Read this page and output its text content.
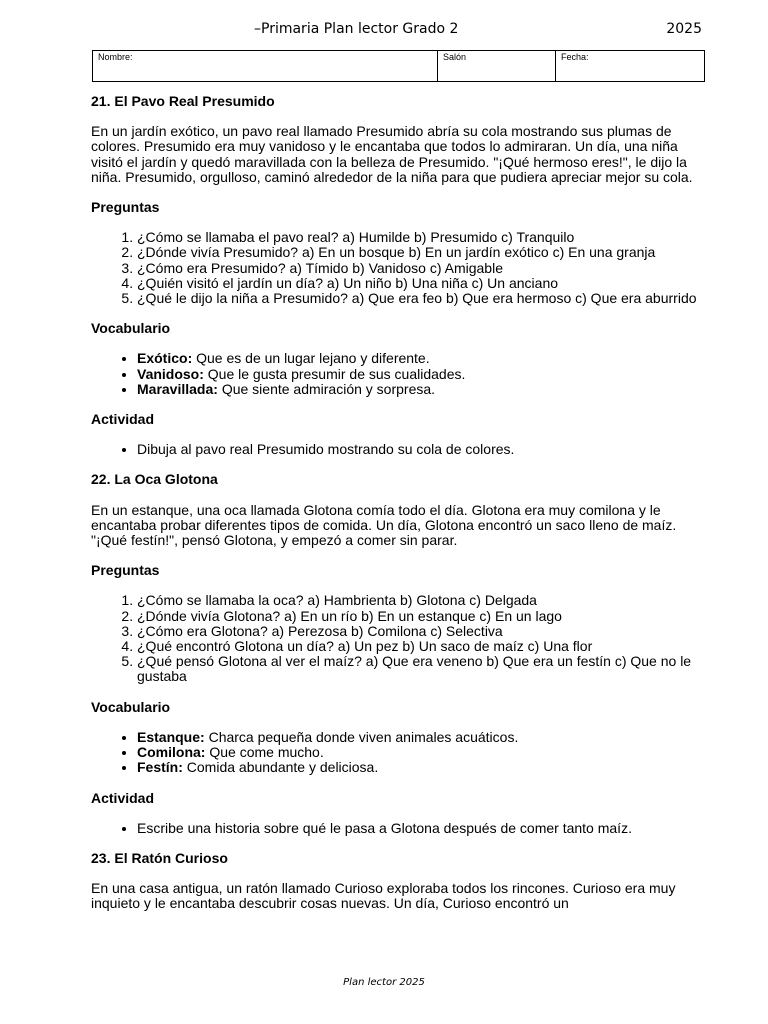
–Primaria Plan lector Grado 2	2025
Nombre:	Salón	Fecha:
21. El Pavo Real Presumido

En un jardín exótico, un pavo real llamado Presumido abría su cola mostrando sus plumas de colores. Presumido era muy vanidoso y le encantaba que todos lo admiraran. Un día, una niña visitó el jardín y quedó maravillada con la belleza de Presumido. "¡Qué hermoso eres!", le dijo la niña. Presumido, orgulloso, caminó alrededor de la niña para que pudiera apreciar mejor su cola.

Preguntas
1. ¿Cómo se llamaba el pavo real? a) Humilde b) Presumido c) Tranquilo
2. ¿Dónde vivía Presumido? a) En un bosque b) En un jardín exótico c) En una granja
3. ¿Cómo era Presumido? a) Tímido b) Vanidoso c) Amigable
4. ¿Quién visitó el jardín un día? a) Un niño b) Una niña c) Un anciano
5. ¿Qué le dijo la niña a Presumido? a) Que era feo b) Que era hermoso c) Que era aburrido
Vocabulario
• Exótico: Que es de un lugar lejano y diferente.
• Vanidoso: Que le gusta presumir de sus cualidades.
• Maravillada: Que siente admiración y sorpresa.
Actividad
• Dibuja al pavo real Presumido mostrando su cola de colores.
22. La Oca Glotona

En un estanque, una oca llamada Glotona comía todo el día. Glotona era muy comilona y le encantaba probar diferentes tipos de comida. Un día, Glotona encontró un saco lleno de maíz. "¡Qué festín!", pensó Glotona, y empezó a comer sin parar.

Preguntas
1. ¿Cómo se llamaba la oca? a) Hambrienta b) Glotona c) Delgada
2. ¿Dónde vivía Glotona? a) En un río b) En un estanque c) En un lago
3. ¿Cómo era Glotona? a) Perezosa b) Comilona c) Selectiva
4. ¿Qué encontró Glotona un día? a) Un pez b) Un saco de maíz c) Una flor
5. ¿Qué pensó Glotona al ver el maíz? a) Que era veneno b) Que era un festín c) Que no le gustaba
Vocabulario
• Estanque: Charca pequeña donde viven animales acuáticos.
• Comilona: Que come mucho.
• Festín: Comida abundante y deliciosa.
Actividad
• Escribe una historia sobre qué le pasa a Glotona después de comer tanto maíz.
23. El Ratón Curioso

En una casa antigua, un ratón llamado Curioso exploraba todos los rincones. Curioso era muy inquieto y le encantaba descubrir cosas nuevas. Un día, Curioso encontró un

Plan lector 2025
